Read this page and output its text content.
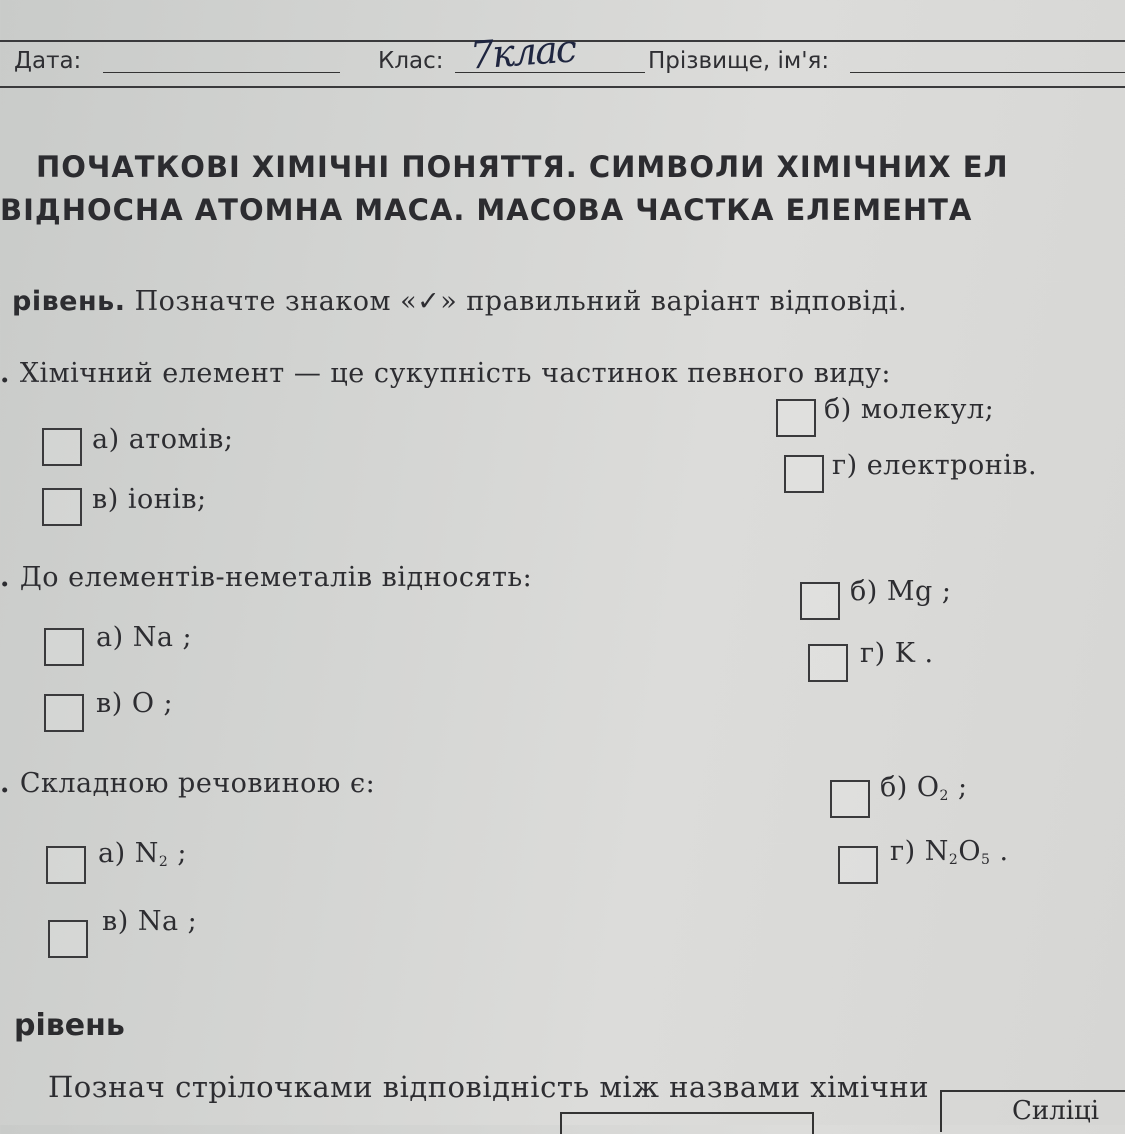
Дата:	Клас: 7клас	Прізвище, ім'я:
ПОЧАТКОВІ ХІМІЧНІ ПОНЯТТЯ. СИМВОЛИ ХІМІЧНИХ ЕЛ
ВІДНОСНА АТОМНА МАСА. МАСОВА ЧАСТКА ЕЛЕМЕНТА
рівень. Позначте знаком «✓» правильний варіант відповіді.
. Хімічний елемент — це сукупність частинок певного виду:
а) атомів;
б) молекул;
в) іонів;
г) електронів.
. До елементів-неметалів відносять:
а) Na ;
б) Mg ;
в) O ;
г) K .
. Складною речовиною є:
а) $N_2$ ;
б) $O_2$ ;
в) Na ;
г) $N_2O_5$ .
рівень
Познач стрілочками відповідність між назвами хімічни
Силіці
